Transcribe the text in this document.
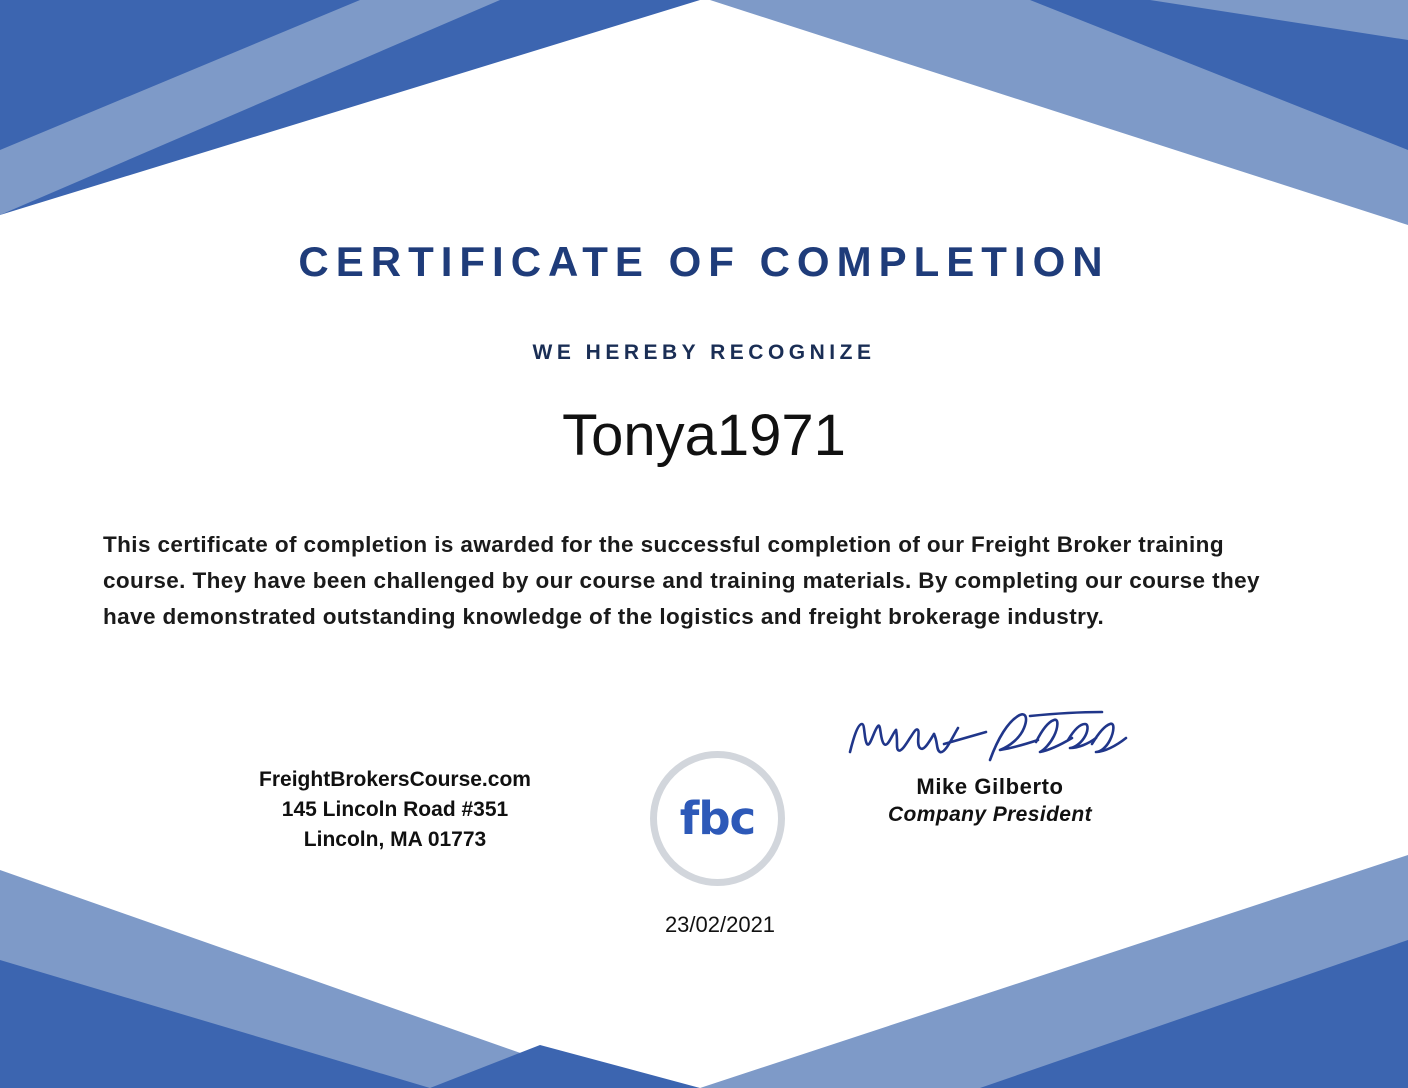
CERTIFICATE OF COMPLETION
WE HEREBY RECOGNIZE
Tonya1971
This certificate of completion is awarded for the successful completion of our Freight Broker training course. They have been challenged by our course and training materials. By completing our course they have demonstrated outstanding knowledge of the logistics and freight brokerage industry.
FreightBrokersCourse.com
145 Lincoln Road #351
Lincoln, MA 01773	fbc
Mike Gilberto
Company President
23/02/2021
